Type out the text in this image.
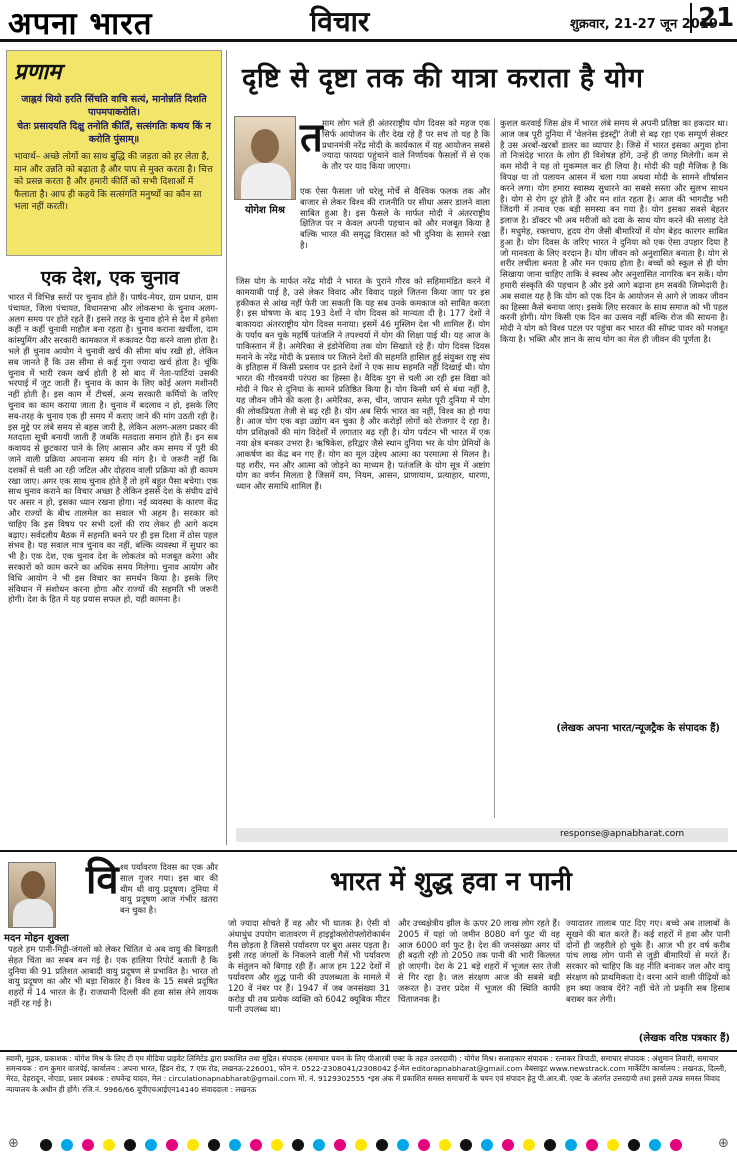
अपना भारत	विचार	शुक्रवार, 21-27 जून 2019
21
प्रणाम
जाह्नवं धियो हरति सिंचति वाचि सत्यं, मानोन्नतिं दिशति पापमपाकरोति।
चेतः प्रसादयति दिक्षु तनोति कीर्तिं, सत्संगतिः कथय किं न करोति पुंसाम्॥
भावार्थ– अच्छे लोगों का साथ बुद्धि की जड़ता को हर लेता है, मान और उन्नति को बढ़ाता है और पाप से मुक्त करता है। चित्त को प्रसन्न करता है और हमारी कीर्ति को सभी दिशाओं में फैलाता है। आप ही कहये कि सत्संगति मनुष्यों का कौन सा भला नहीं करती।
एक देश, एक चुनाव
भारत में विभिन्न स्तरों पर चुनाव होते हैं। पार्षद-मेयर, ग्राम प्रधान, ग्राम पंचायत, जिला पंचायत, विधानसभा और लोकसभा के चुनाव अलग-अलग समय पर होते रहते हैं। इसने तरह के चुनाव होने से देश में हमेशा कहीं न कहीं चुनावी माहौल बना रहता है। चुनाव कराना खर्चीला, दाम कांस्युमिंग और सरकारी कामकाज में रूकावट पैदा करने वाला होता है। भले ही चुनाव आयोग ने चुनावी खर्च की सीमा बांध रखी हो, लेकिन सब जानते हैं कि उस सीमा से कई गुना ज्यादा खर्च होता है। चूंकि चुनाव में भारी रकम खर्च होती है सो बाद में नेता-पार्टियां उसकी भरपाई में जुट जाती हैं। चुनाव के काम के लिए कोई अलग मशीनरी नहीं होती है। इस काम में टीचर्स, अन्य सरकारी कर्मियों के जरिए चुनाव का काम कराया जाता है। चुनाव में बदलाव न हो, इसके लिए सब-तरह के चुनाव एक ही समय में कराए जाने की मांग उठती रही है। इस मुद्दे पर लंबे समय से बहस जारी है, लेकिन अलग-अलग प्रकार की मतदाता सूची बनायी जाती हैं जबकि मतदाता समान होते हैं। इन सब कवायद से छुटकारा पाने के लिए आसान और कम समय में पूरी की जाने वाली प्रक्रिया अपनाना समय की मांग है। ये जरूरी नहीं कि दशकों से चली आ रही जटिल और दोहराव वाली प्रक्रिया को ही कायम रखा जाए। अगर एक साथ चुनाव होते हैं तो हमें बहुत पैसा बचेगा। एक साथ चुनाव कराने का विचार अच्छा है लेकिन इससे देश के संघीय ढांचे पर असर न हो, इसका ध्यान रखना होगा। नई व्यवस्था के कारण केंद्र और राज्यों के बीच तालमेल का सवाल भी अहम है। सरकार को चाहिए कि इस विषय पर सभी दलों की राय लेकर ही आगे कदम बढ़ाए। सर्वदलीय बैठक में सहमति बनने पर ही इस दिशा में ठोस पहल संभव है। यह सवाल मात्र चुनाव का नहीं, बल्कि व्यवस्था में सुधार का भी है। एक देश, एक चुनाव देश के लोकतंत्र को मजबूत करेगा और सरकारों को काम करने का अधिक समय मिलेगा। चुनाव आयोग और विधि आयोग ने भी इस विचार का समर्थन किया है। इसके लिए संविधान में संशोधन करना होगा और राज्यों की सहमति भी जरूरी होगी। देश के हित में यह प्रयास सफल हो, यही कामना है।
दृष्टि से दृष्टा तक की यात्रा कराता है योग
योगेश मिश्र
त माम लोग भले ही अंतरराष्ट्रीय योग दिवस को महज एक सिर्फ आयोजन के तौर देख रहे हैं पर सच तो यह है कि प्रधानमंत्री नरेंद्र मोदी के कार्यकाल में यह आयोजन सबसे ज्यादा फायदा पहुंचाने वाले निर्णायक फैसलों में से एक के तौर पर याद किया जाएगा।
एक ऐसा फैसला जो घरेलू मोर्चे से वैश्विक फलक तक और बाजार से लेकर विश्व की राजनीति पर सीधा असर डालने वाला साबित हुआ है। इस फैसले के मार्फत मोदी ने अंतरराष्ट्रीय क्षितिज पर न केवल अपनी पहचान को और मजबूत किया है बल्कि भारत की समृद्ध विरासत को भी दुनिया के सामने रखा है।
जिस योग के मार्फत नरेंद्र मोदी ने भारत के पुराने गौरव को सहिमामंडित करने में कामयाबी पाई है, उसे लेकर विवाद और विवाद पहले जितना किया जाए पर इस हकीकत से आंख नहीं फेरी जा सकती कि यह सब उनके कमकाज को साबित करता है। इस घोषणा के बाद 193 देशों ने योग दिवस को मान्यता दी है। 177 देशों ने बाकायदा अंतरराष्ट्रीय योग दिवस मनाया। इसमें 46 मुस्लिम देश भी शामिल हैं। योग के पर्याय बन चुके महर्षि पतंजलि ने तपश्चर्या में योग की शिक्षा पाई थी। यह आज के पाकिस्तान में है। अमेरिका से इंडोनेशिया तक योग सिखाते रहे हैं। योग दिवस दिवस मनाने के नरेंद्र मोदी के प्रस्ताव पर जितने देशों की सहमति हासिल हुई संयुक्त राष्ट्र संघ के इतिहास में किसी प्रस्ताव पर इतने देशों ने एक साथ सहमति नहीं दिखाई थी। योग भारत की गौरवमयी परंपरा का हिस्सा है। वैदिक युग से चली आ रही इस विद्या को मोदी ने फिर से दुनिया के सामने प्रतिष्ठित किया है। योग किसी धर्म से बंधा नहीं है, यह जीवन जीने की कला है। अमेरिका, रूस, चीन, जापान समेत पूरी दुनिया में योग की लोकप्रियता तेजी से बढ़ रही है। योग अब सिर्फ भारत का नहीं, विश्व का हो गया है। आज योग एक बड़ा उद्योग बन चुका है और करोड़ों लोगों को रोजगार दे रहा है। योग प्रशिक्षकों की मांग विदेशों में लगातार बढ़ रही है। योग पर्यटन भी भारत में एक नया क्षेत्र बनकर उभरा है। ऋषिकेश, हरिद्वार जैसे स्थान दुनिया भर के योग प्रेमियों के आकर्षण का केंद्र बन गए हैं। योग का मूल उद्देश्य आत्मा का परमात्मा से मिलन है। यह शरीर, मन और आत्मा को जोड़ने का माध्यम है। पतंजलि के योग सूत्र में अष्टांग योग का वर्णन मिलता है जिसमें यम, नियम, आसन, प्राणायाम, प्रत्याहार, धारणा, ध्यान और समाधि शामिल हैं।
कुशल करवाई जिस क्षेत्र में भारत लंबे समय से अपनी प्रतिष्ठा का हकदार था। आज जब पूरी दुनिया में 'वेलनेस इंडस्ट्री' तेजी से बढ़ रहा एक सम्पूर्ण सेक्टर है उस अरबों-खरबों डालर का व्यापार है। जिसे में भारत इसका अगुवा होना तो निःसंदेह भारत के लोग ही विशेषज्ञ होंगे, उन्हें ही जगह मिलेगी। कम से कम मोदी ने यह तो मुकम्मल कर ही लिया है। मोदी की यही मैजिक है कि विपक्ष या तो पलायन आसन में चला गया अथवा मोदी के सामने शीर्षासन करने लगा। योग हमारा स्वास्थ्य सुधारने का सबसे सस्ता और सुलभ साधन है। योग से रोग दूर होते हैं और मन शांत रहता है। आज की भागदौड़ भरी जिंदगी में तनाव एक बड़ी समस्या बन गया है। योग इसका सबसे बेहतर इलाज है। डॉक्टर भी अब मरीजों को दवा के साथ योग करने की सलाह देते हैं। मधुमेह, रक्तचाप, हृदय रोग जैसी बीमारियों में योग बेहद कारगर साबित हुआ है। योग दिवस के जरिए भारत ने दुनिया को एक ऐसा उपहार दिया है जो मानवता के लिए वरदान है। योग जीवन को अनुशासित बनाता है। योग से शरीर लचीला बनता है और मन एकाग्र होता है। बच्चों को स्कूल से ही योग सिखाया जाना चाहिए ताकि वे स्वस्थ और अनुशासित नागरिक बन सकें। योग हमारी संस्कृति की पहचान है और इसे आगे बढ़ाना हम सबकी जिम्मेदारी है। अब सवाल यह है कि योग को एक दिन के आयोजन से आगे ले जाकर जीवन का हिस्सा कैसे बनाया जाए। इसके लिए सरकार के साथ समाज को भी पहल करनी होगी। योग किसी एक दिन का उत्सव नहीं बल्कि रोज की साधना है। मोदी ने योग को विश्व पटल पर पहुंचा कर भारत की सॉफ्ट पावर को मजबूत किया है। भक्ति और ज्ञान के साथ योग का मेल ही जीवन की पूर्णता है।
(लेखक अपना भारत/न्यूजट्रैक के संपादक हैं)
response@apnabharat.com
मदन मोहन शुक्ला
वि श्व पर्यावरण दिवस का एक और साल गुजर गया। इस बार की थीम थी वायु प्रदूषण। दुनिया में वायु प्रदूषण आज गंभीर खतरा बन चुका है।
पहले हम पानी-मिट्टी-जंगलों को लेकर चिंतित थे अब वायु की बिगड़ती सेहत चिंता का सबब बन गई है। एक हालिया रिपोर्ट बताती है कि दुनिया की 91 प्रतिशत आबादी वायु प्रदूषण से प्रभावित है। भारत तो वायु प्रदूषण का और भी बड़ा शिकार है। विश्व के 15 सबसे प्रदूषित शहरों में 14 भारत के हैं। राजधानी दिल्ली की हवा सांस लेने लायक नहीं रह गई है।
भारत में शुद्ध हवा न पानी
जो ज्यादा सोचते हैं वह और भी घातक है। ऐसी वो अंधाधुंध उपयोग वातावरण में हाइड्रोक्लोरोफ्लोरोकार्बन गैस छोड़ता है जिससे पर्यावरण पर बुरा असर पड़ता है। इसी तरह जंगलों के निकलने वाली गैसें भी पर्यावरण के संतुलन को बिगाड़ रही हैं। आज हम 122 देशों में पर्यावरण और शुद्ध पानी की उपलब्धता के मामले में 120 वें नंबर पर हैं। 1947 में जब जनसंख्या 31 करोड़ थी तब प्रत्येक व्यक्ति को 6042 क्यूबिक मीटर पानी उपलब्ध था।
और उच्चक्षेत्रीय झील के ऊपर 20 लाख लोग रहते हैं। 2005 में यहां जो जमीन 8080 वर्ग फुट थी वह आज 6000 वर्ग फुट है। देश की जनसंख्या अगर यों ही बढ़ती रही तो 2050 तक पानी की भारी किल्लत हो जाएगी। देश के 21 बड़े शहरों में भूजल स्तर तेजी से गिर रहा है। जल संरक्षण आज की सबसे बड़ी जरूरत है। उत्तर प्रदेश में भूजल की स्थिति काफी चिंताजनक है।
ज्यादातर तालाब पाट दिए गए। बच्चे अब तालाबों के सूखने की बात करते हैं। कई शहरों में हवा और पानी दोनों ही जहरीले हो चुके हैं। आज भी हर वर्ष करीब पांच लाख लोग पानी से जुड़ी बीमारियों से मरते हैं। सरकार को चाहिए कि वह नीति बनाकर जल और वायु संरक्षण को प्राथमिकता दे। वरना आने वाली पीढ़ियों को हम क्या जवाब देंगे? नहीं चेते तो प्रकृति सब हिसाब बराबर कर लेगी।
(लेखक वरिष्ठ पत्रकार हैं)
स्वामी, मुद्रक, प्रकाशक : योगेश मिश्र के लिए टी एम मीडिया प्राइवेट लिमिटेड द्वारा प्रकाशित तथा मुद्रित। संपादक (समाचार चयन के लिए पीआरबी एक्ट के तहत उत्तरदायी) : योगेश मिश्र। सलाहकार संपादक : रत्नाकर त्रिपाठी, समाचार संपादक : अंशुमान तिवारी, समाचार समन्वयक : राम कुमार वाजपेई, कार्यालय : अपना भारत, हिंडन रोड, 7 एफ़ रोड, लखनऊ-226001, फोन नं. 0522-2308041/2308042 ई-मेल editorapnabharat@gmail.com वेबसाइट www.newstrack.com मार्केटिंग कार्यालय : लखनऊ, दिल्ली, मेरठ, देहरादून, नोएडा, प्रसार प्रबंधक : राघवेन्द्र यादव, मेल : circulationapnabharat@gmail.com मो. नं. 9129302555 *इस अंक में प्रकाशित समस्त समाचारों के चयन एवं संपादन हेतु पी.आर.बी. एक्ट के अंतर्गत उत्तरदायी तथा इससे उत्पन्न समस्त विवाद न्यायालय के अधीन ही होंगे। रजि.नं. 9966/66 यूपीएचआईएन14140 संवाददाता : लखनऊ
⊕	⊕
